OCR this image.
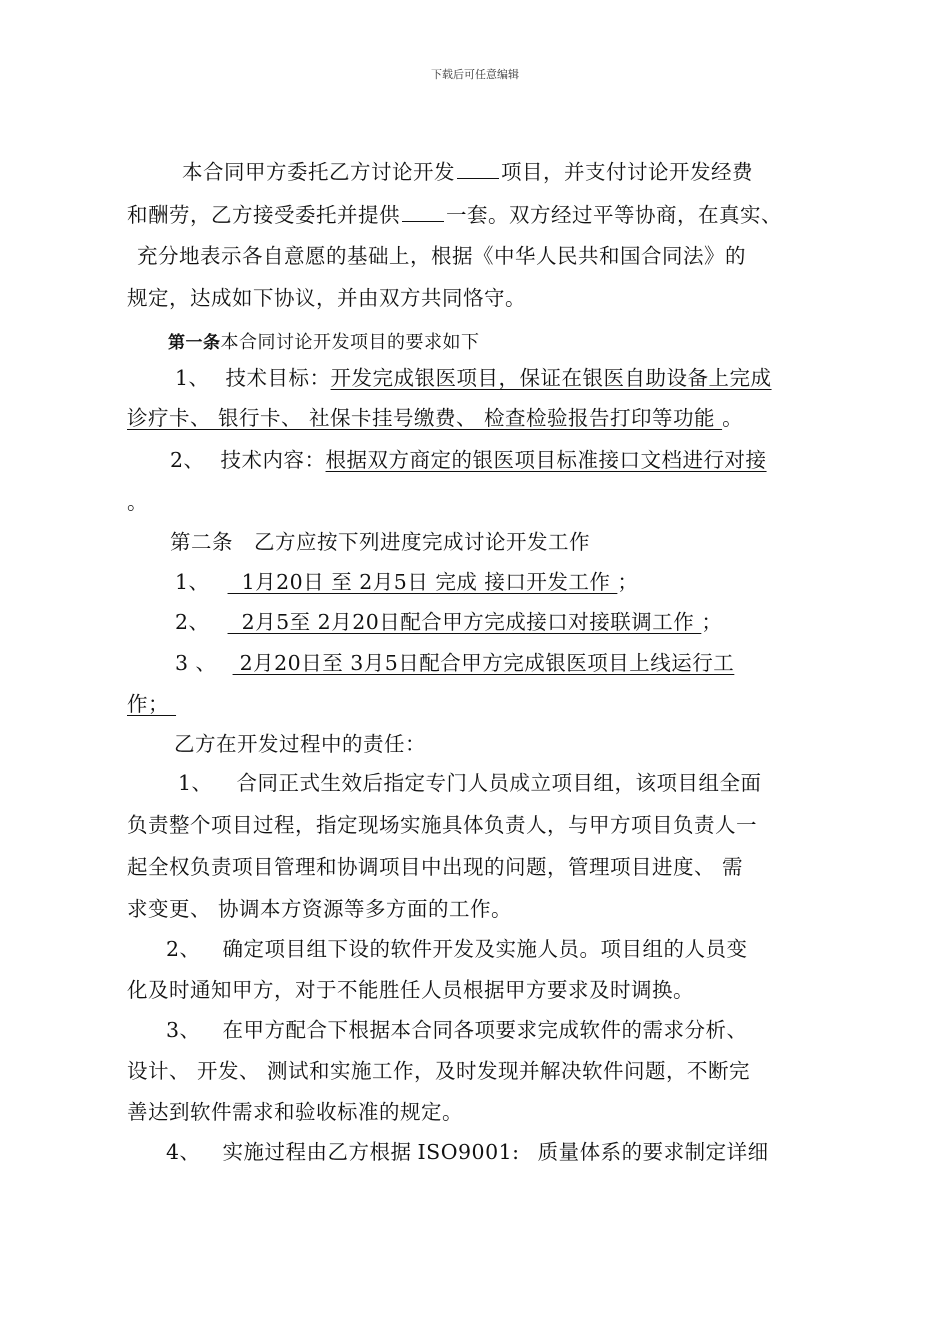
下载后可任意编辑
本合同甲方委托乙方讨论开发 项目，并支付讨论开发经费
和酬劳，乙方接受委托并提供 一套。双方经过平等协商，在真实、
充分地表示各自意愿的基础上，根据《中华人民共和国合同法》的
规定，达成如下协议，并由双方共同恪守。
第一条本合同讨论开发项目的要求如下
1、 技术目标：开发完成银医项目，保证在银医自助设备上完成
诊疗卡、 银行卡、 社保卡挂号缴费、 检查检验报告打印等功能 。
2、 技术内容：根据双方商定的银医项目标准接口文档进行对接
。
第二条　乙方应按下列进度完成讨论开发工作
1、  1月20日 至 2月5日 完成 接口开发工作 ；
2、  2月5至 2月20日配合甲方完成接口对接联调工作 ；
3 、 2月20日至 3月5日配合甲方完成银医项目上线运行工
作；
乙方在开发过程中的责任：
1、 合同正式生效后指定专门人员成立项目组，该项目组全面
负责整个项目过程，指定现场实施具体负责人，与甲方项目负责人一
起全权负责项目管理和协调项目中出现的问题，管理项目进度、 需
求变更、 协调本方资源等多方面的工作。
2、 确定项目组下设的软件开发及实施人员。项目组的人员变
化及时通知甲方，对于不能胜任人员根据甲方要求及时调换。
3、 在甲方配合下根据本合同各项要求完成软件的需求分析、
设计、 开发、 测试和实施工作，及时发现并解决软件问题，不断完
善达到软件需求和验收标准的规定。
4、 实施过程由乙方根据 ISO9001: 质量体系的要求制定详细
